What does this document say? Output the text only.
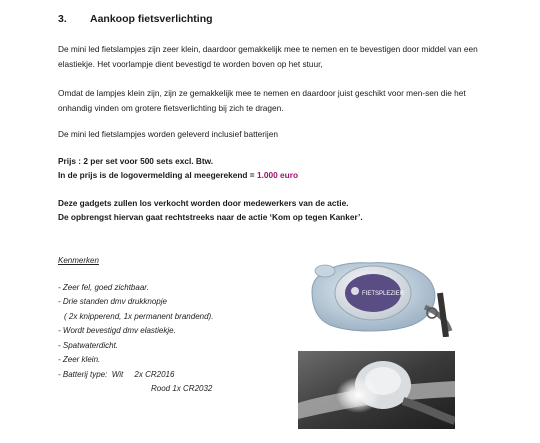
3. Aankoop fietsverlichting
De mini led fietslampjes zijn zeer klein, daardoor gemakkelijk mee te nemen en te bevestigen door middel van een elastiekje. Het voorlampje dient bevestigd te worden boven op het stuur,
Omdat de lampjes klein zijn, zijn ze gemakkelijk mee te nemen en daardoor juist geschikt voor men-sen die het onhandig vinden om grotere fietsverlichting bij zich te dragen.
De mini led fietslampjes worden geleverd inclusief batterijen
Prijs : 2 per set voor 500 sets excl. Btw.
In de prijs is de logovermelding al meegerekend = 1.000 euro
Deze gadgets zullen los verkocht worden door medewerkers van de actie.
De opbrengst hiervan gaat rechtstreeks naar de actie ‘Kom op tegen Kanker’.
Kenmerken
- Zeer fel, goed zichtbaar.
- Drie standen dmv drukknopje
( 2x knipperend, 1x permanent brandend).
- Wordt bevestigd dmv elastiekje.
- Spatwaterdicht.
- Zeer klein.
- Batterij type:  Wit     2x CR2016
Rood 1x CR2032
FIETSPLEZIER
